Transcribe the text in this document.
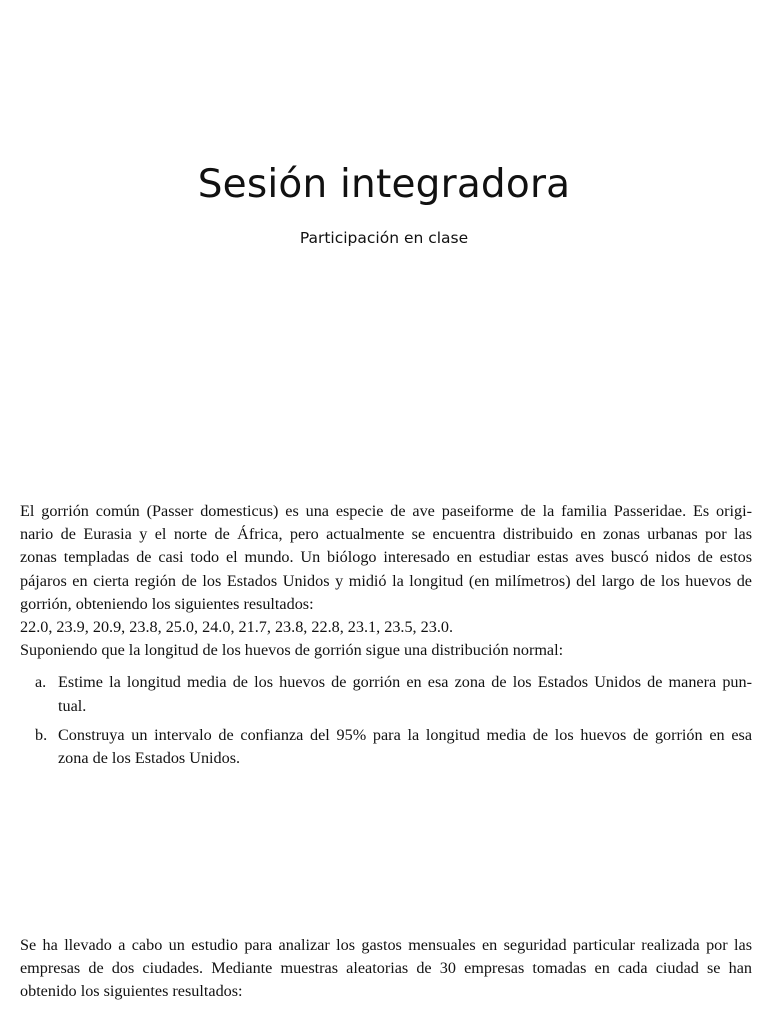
Sesión integradora

Participación en clase

El gorrión común (Passer domesticus) es una especie de ave paseiforme de la familia Passeridae. Es origi-
nario de Eurasia y el norte de África, pero actualmente se encuentra distribuido en zonas urbanas por las
zonas templadas de casi todo el mundo. Un biólogo interesado en estudiar estas aves buscó nidos de estos
pájaros en cierta región de los Estados Unidos y midió la longitud (en milímetros) del largo de los huevos de
gorrión, obteniendo los siguientes resultados:
22.0, 23.9, 20.9, 23.8, 25.0, 24.0, 21.7, 23.8, 22.8, 23.1, 23.5, 23.0.
Suponiendo que la longitud de los huevos de gorrión sigue una distribución normal:
a. Estime la longitud media de los huevos de gorrión en esa zona de los Estados Unidos de manera pun-
tual.
b. Construya un intervalo de confianza del 95% para la longitud media de los huevos de gorrión en esa
zona de los Estados Unidos.
Se ha llevado a cabo un estudio para analizar los gastos mensuales en seguridad particular realizada por las
empresas de dos ciudades. Mediante muestras aleatorias de 30 empresas tomadas en cada ciudad se han
obtenido los siguientes resultados:
